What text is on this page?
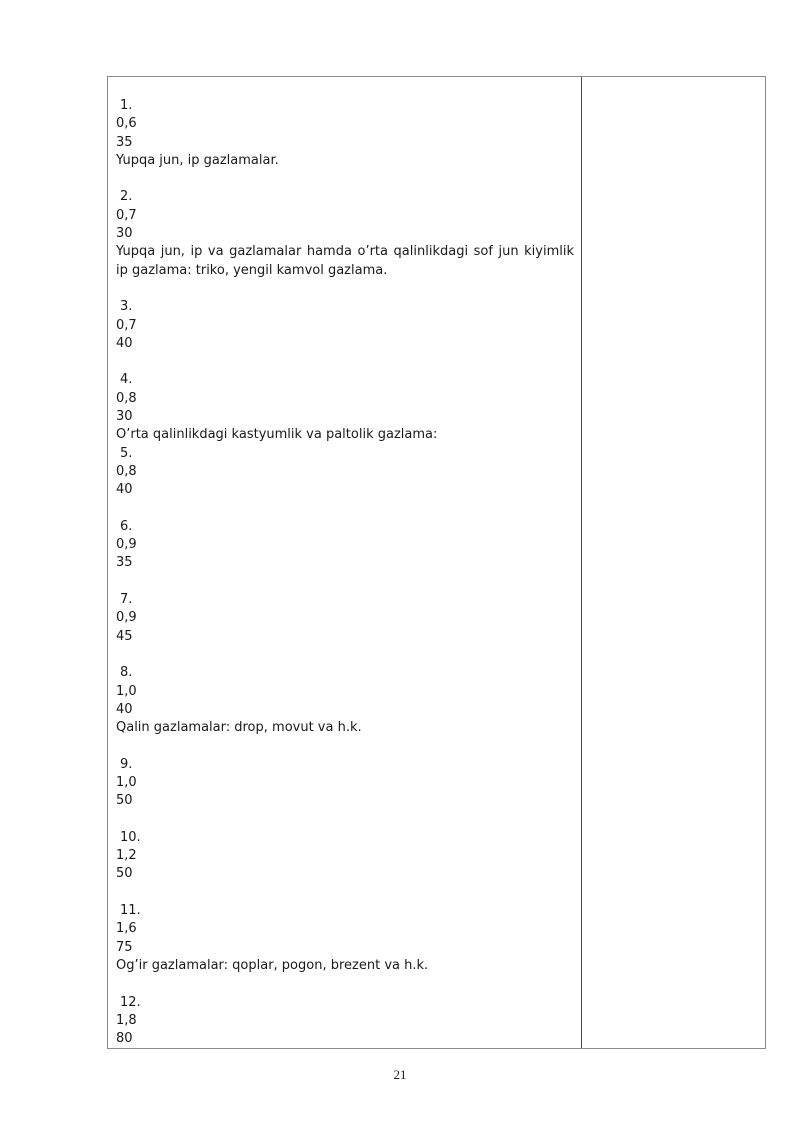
1.
0,6
35
Yupqa jun, ip gazlamalar.
2.
0,7
30
Yupqa jun, ip va gazlamalar hamda o’rta qalinlikdagi sof jun kiyimlik ip gazlama: triko, yengil kamvol gazlama.
3.
0,7
40
4.
0,8
30
O’rta qalinlikdagi kastyumlik va paltolik gazlama:
5.
0,8
40
6.
0,9
35
7.
0,9
45
8.
1,0
40
Qalin gazlamalar: drop, movut va h.k.
9.
1,0
50
10.
1,2
50
11.
1,6
75
Og’ir gazlamalar: qoplar, pogon, brezent va h.k.
12.
1,8
80
21
